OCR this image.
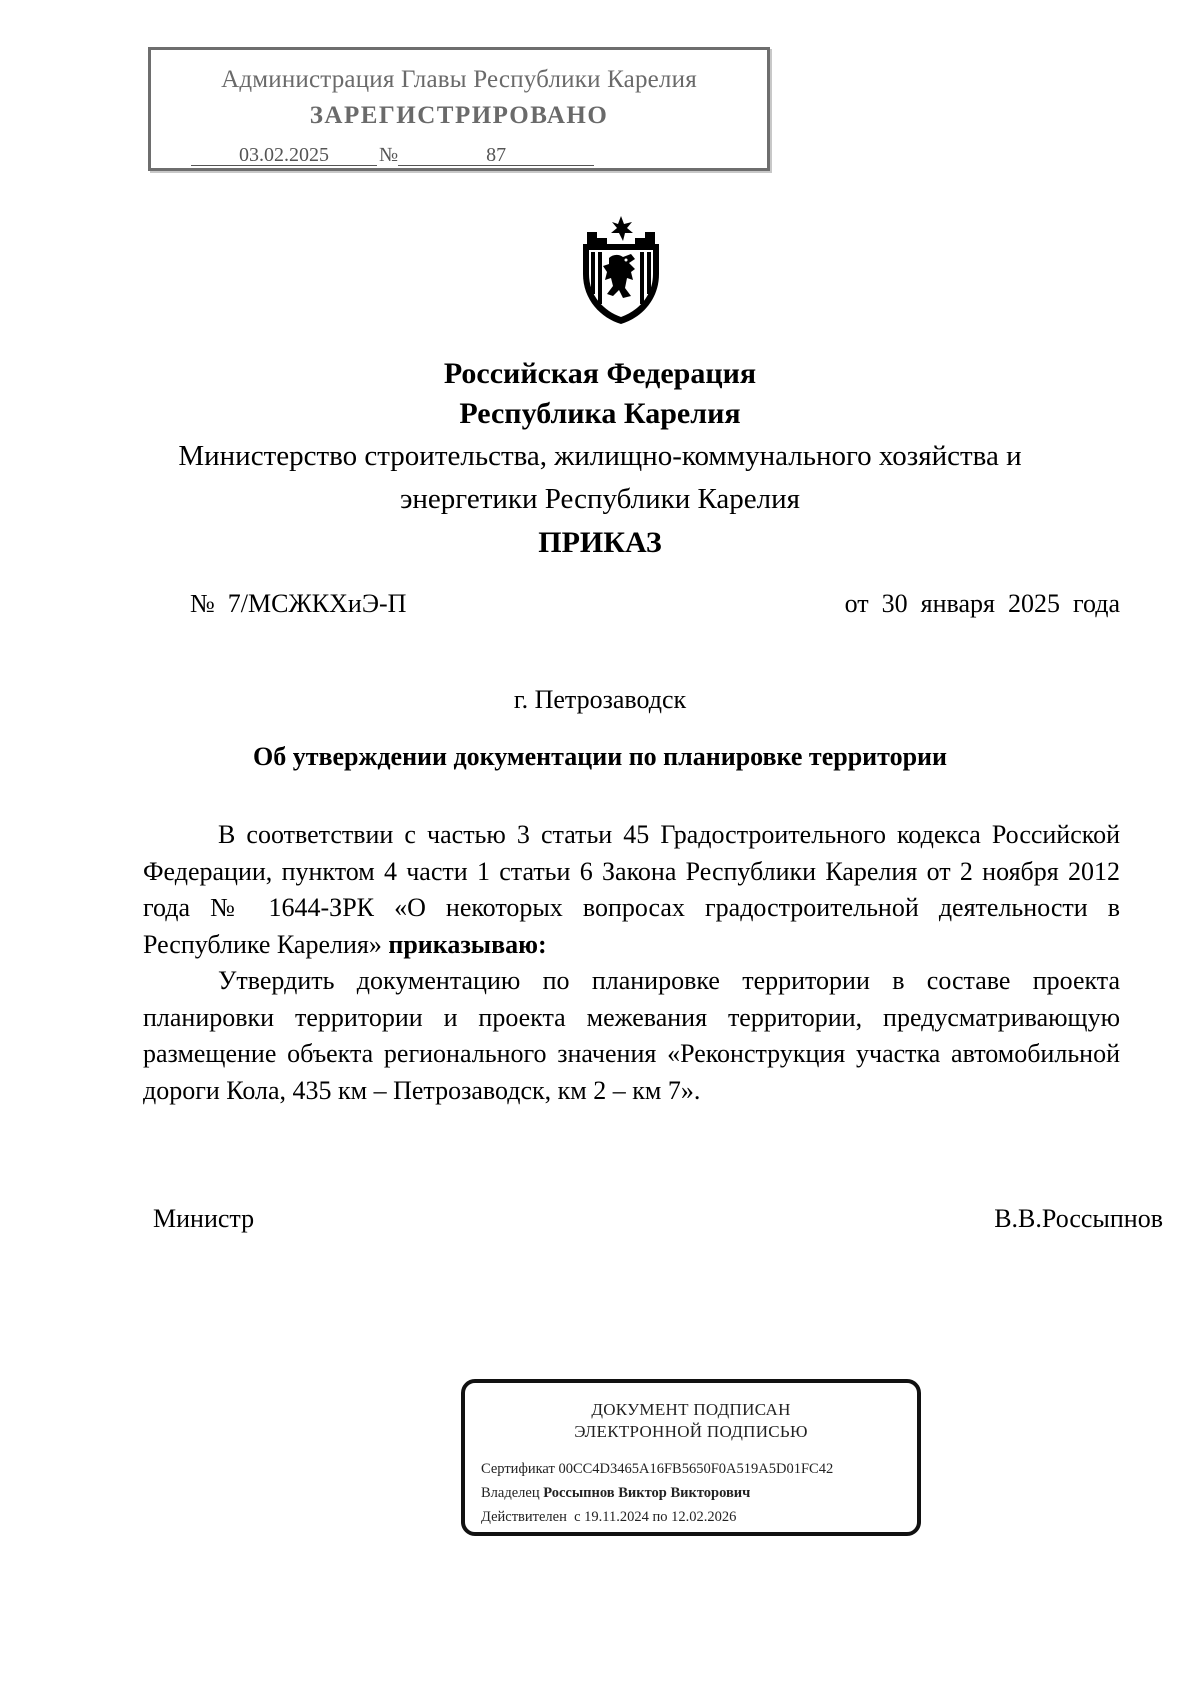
Администрация Главы Республики Карелия
ЗАРЕГИСТРИРОВАНО
03.02.2025	№	87
Российская Федерация
Республика Карелия
Министерство строительства, жилищно-коммунального хозяйства и
энергетики Республики Карелия
ПРИКАЗ
№  7/МСЖКХиЭ-П	от  30  января  2025  года
г. Петрозаводск
Об утверждении документации по планировке территории
В соответствии с частью 3 статьи 45 Градостроительного кодекса Российской Федерации, пунктом 4 части 1 статьи 6 Закона Республики Карелия от 2 ноября 2012 года № 1644-ЗРК «О некоторых вопросах градостроительной деятельности в Республике Карелия» приказываю:
Утвердить документацию по планировке территории в составе проекта планировки территории и проекта межевания территории, предусматривающую размещение объекта регионального значения «Реконструкция участка автомобильной дороги Кола, 435 км – Петрозаводск, км 2 – км 7».
Министр	В.В.Россыпнов
ДОКУМЕНТ ПОДПИСАН
ЭЛЕКТРОННОЙ ПОДПИСЬЮ
Сертификат 00CC4D3465A16FB5650F0A519A5D01FC42
Владелец Россыпнов Виктор Викторович
Действителен  с 19.11.2024 по 12.02.2026
